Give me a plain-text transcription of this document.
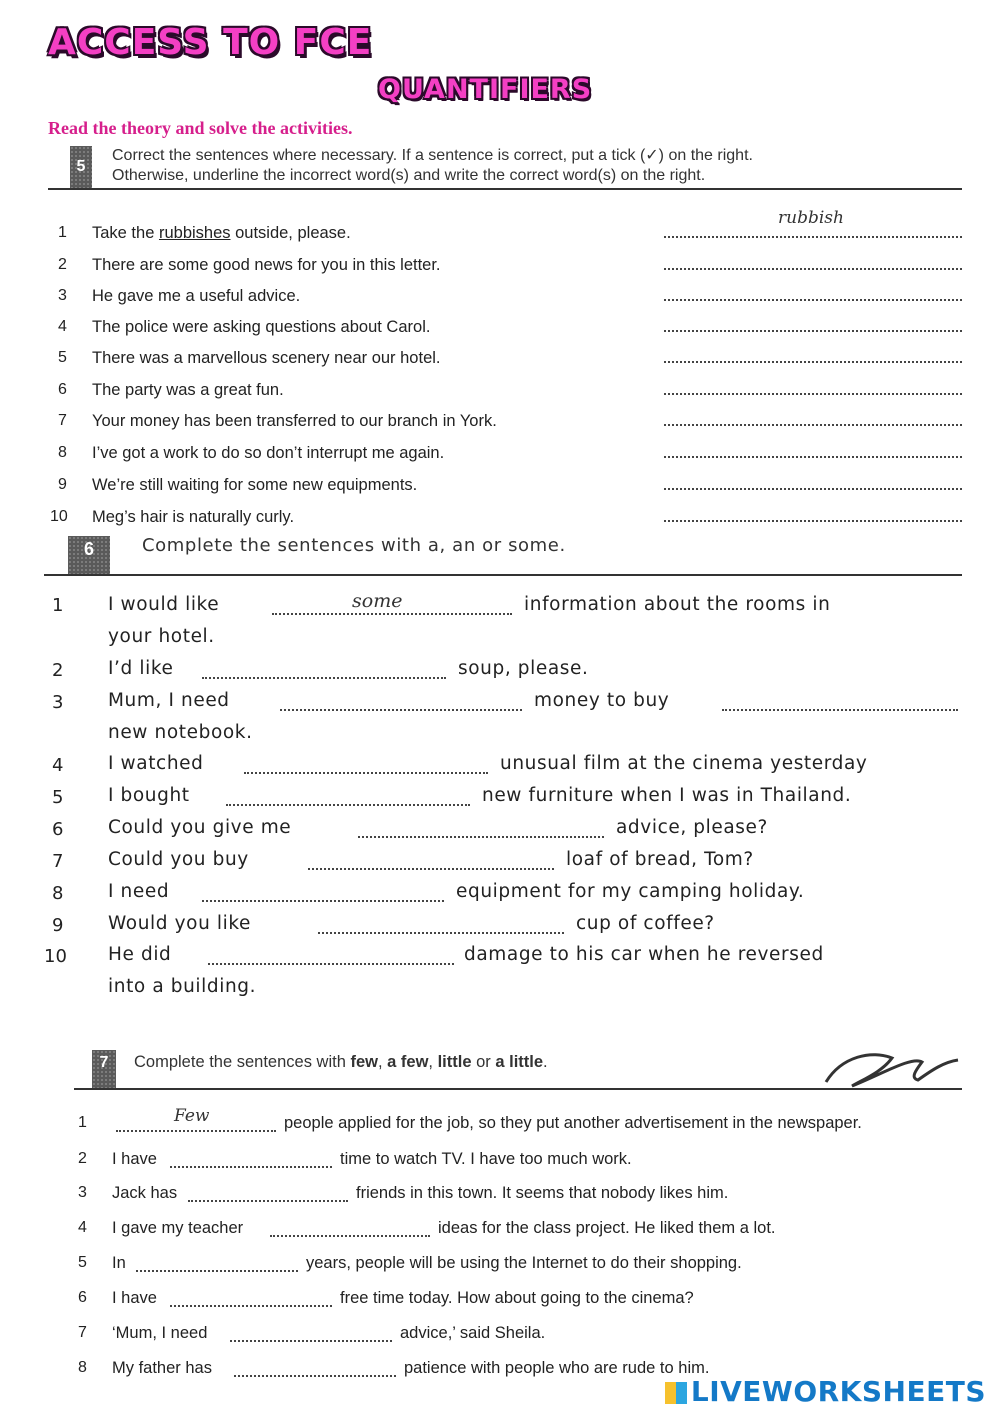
ACCESS TO FCE
QUANTIFIERS
Read the theory and solve the activities.
5
Correct the sentences where necessary. If a sentence is correct, put a tick (✓) on the right.
Otherwise, underline the incorrect word(s) and write the correct word(s) on the right.
rubbish
1 Take the rubbishes outside, please.
2 There are some good news for you in this letter.
3 He gave me a useful advice.
4 The police were asking questions about Carol.
5 There was a marvellous scenery near our hotel.
6 The party was a great fun.
7 Your money has been transferred to our branch in York.
8 I’ve got a work to do so don’t interrupt me again.
9 We’re still waiting for some new equipments.
10 Meg’s hair is naturally curly.
6	Complete the sentences with a, an or some.
some
1 I would like	information about the rooms in
your hotel.
2 I’d like	soup, please.
3 Mum, I need	money to buy
new notebook.
4 I watched	unusual film at the cinema yesterday
5 I bought	new furniture when I was in Thailand.
6 Could you give me	advice, please?
7 Could you buy	loaf of bread, Tom?
8 I need	equipment for my camping holiday.
9 Would you like	cup of coffee?
10 He did	damage to his car when he reversed
into a building.
7	Complete the sentences with few, a few, little or a little.
Few
1	people applied for the job, so they put another advertisement in the newspaper.
2 I have	time to watch TV. I have too much work.
3 Jack has	friends in this town. It seems that nobody likes him.
4 I gave my teacher	ideas for the class project. He liked them a lot.
5 In	years, people will be using the Internet to do their shopping.
6 I have	free time today. How about going to the cinema?
7 ‘Mum, I need	advice,’ said Sheila.
8 My father has	patience with people who are rude to him.
LIVEWORKSHEETS
